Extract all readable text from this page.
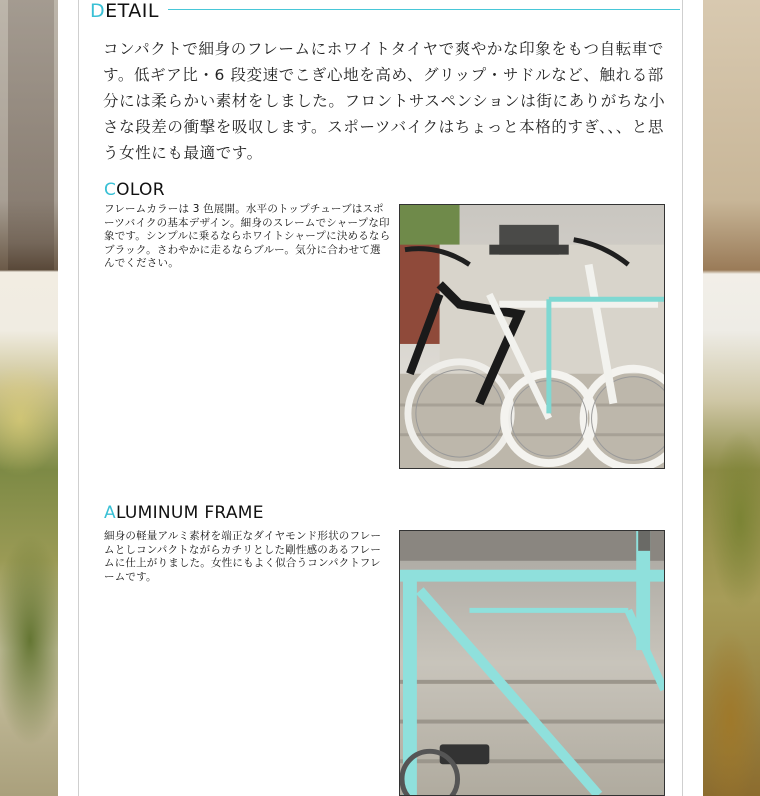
DETAIL

コンパクトで細身のフレームにホワイトタイヤで爽やかな印象をもつ自転車です。低ギア比・6 段変速でこぎ心地を高め、グリップ・サドルなど、触れる部分には柔らかい素材をしました。フロントサスペンションは街にありがちな小さな段差の衝撃を吸収します。スポーツバイクはちょっと本格的すぎ、、、と思う女性にも最適です。

COLOR

フレームカラーは 3 色展開。水平のトップチューブはスポーツバイクの基本デザイン。細身のスレームでシャープな印象です。シンプルに乗るならホワイトシャープに決めるならブラック。さわやかに走るならブルー。気分に合わせて選んでください。

ALUMINUM FRAME

細身の軽量アルミ素材を端正なダイヤモンド形状のフレームとしコンパクトながらカチリとした剛性感のあるフレームに仕上がりました。女性にもよく似合うコンパクトフレームです。
